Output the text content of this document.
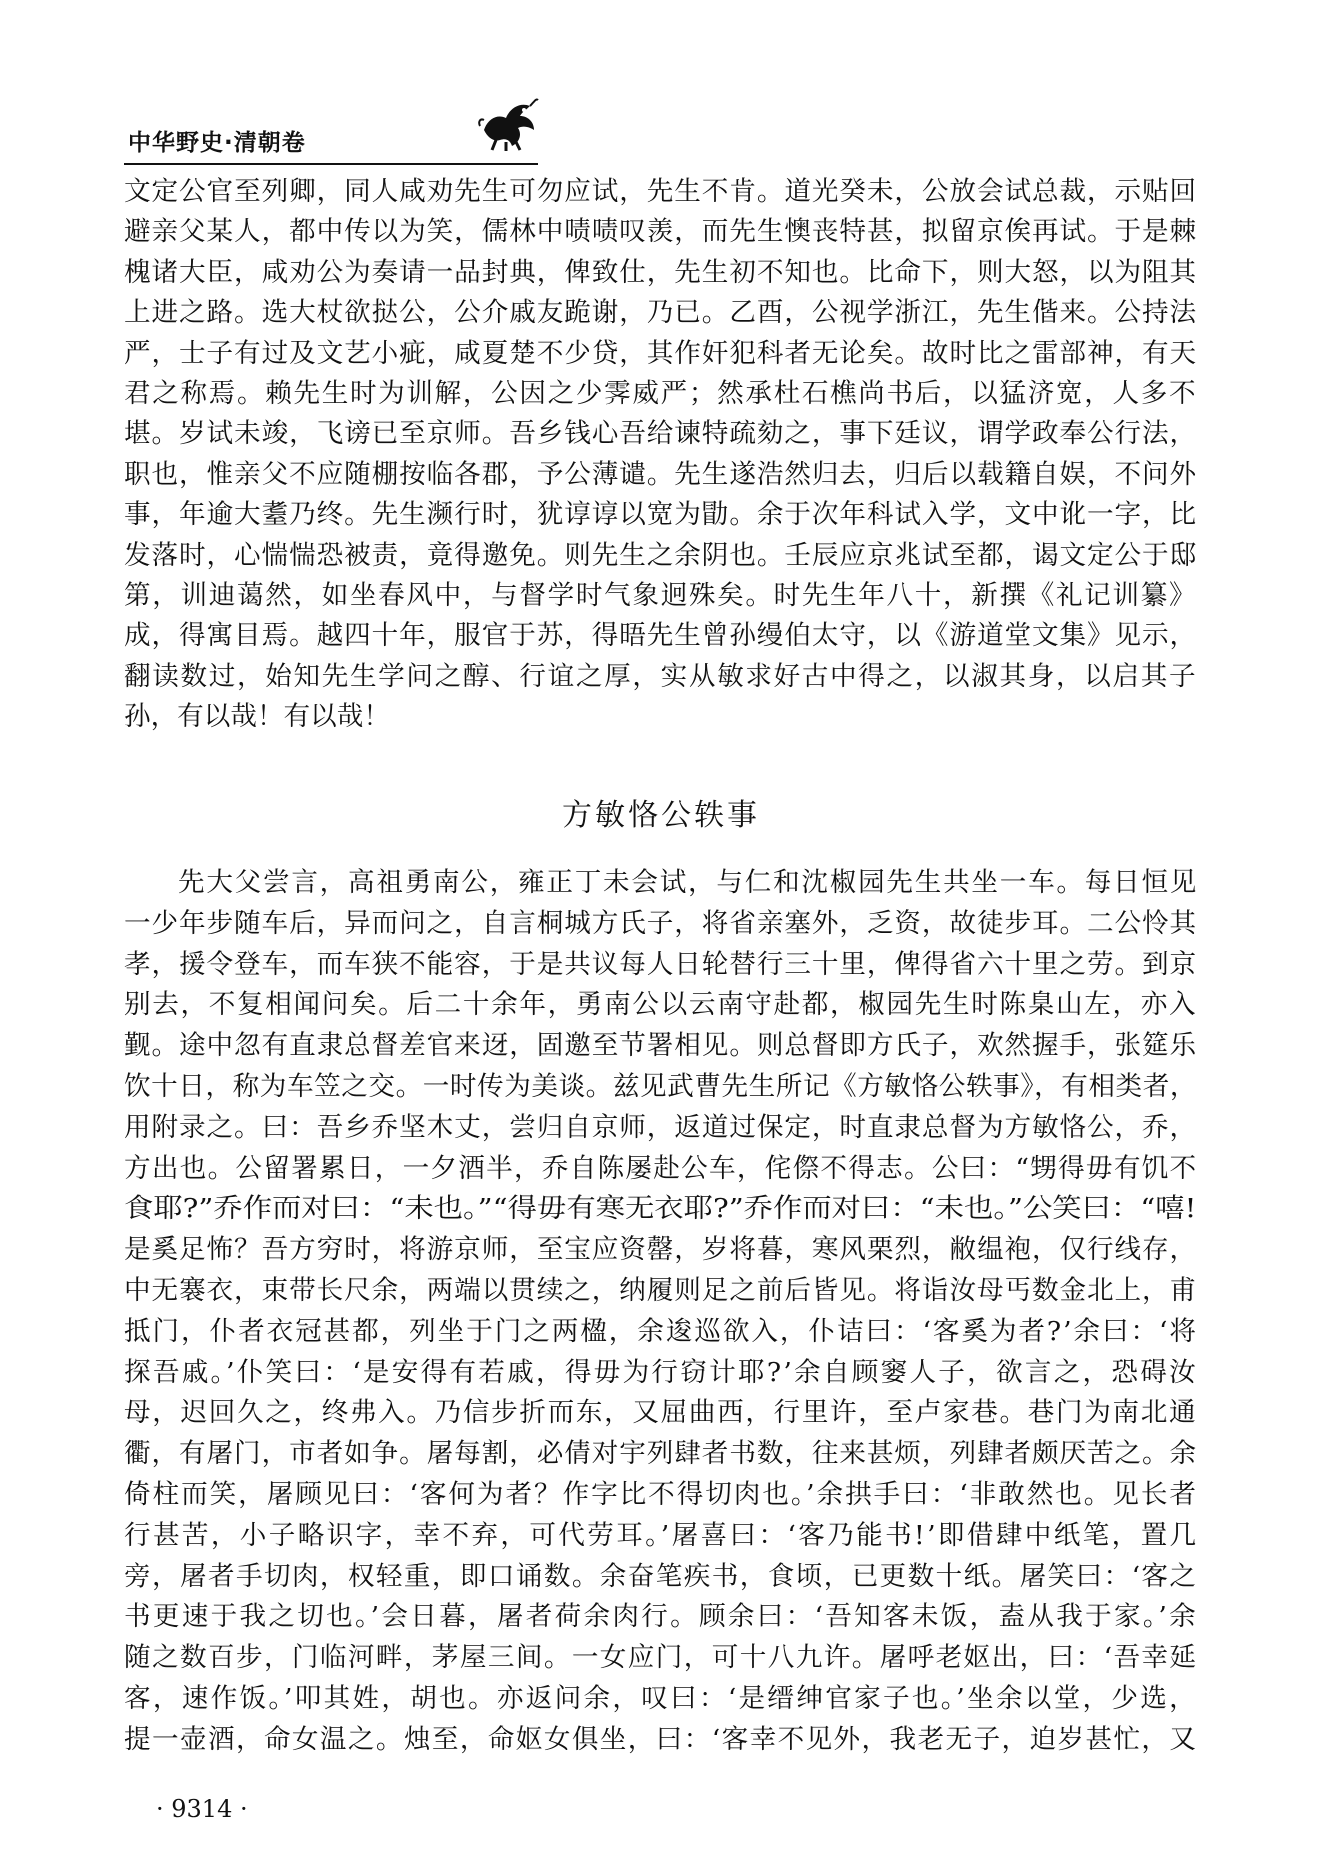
中华野史·清朝卷
文定公官至列卿，同人咸劝先生可勿应试，先生不肯。道光癸未，公放会试总裁，示贴回
避亲父某人，都中传以为笑，儒林中啧啧叹羡，而先生懊丧特甚，拟留京俟再试。于是棘
槐诸大臣，咸劝公为奏请一品封典，俾致仕，先生初不知也。比命下，则大怒，以为阻其
上进之路。选大杖欲挞公，公介戚友跪谢，乃已。乙酉，公视学浙江，先生偕来。公持法
严，士子有过及文艺小疵，咸夏楚不少贷，其作奸犯科者无论矣。故时比之雷部神，有天
君之称焉。赖先生时为训解，公因之少霁威严；然承杜石樵尚书后，以猛济宽，人多不
堪。岁试未竣，飞谤已至京师。吾乡钱心吾给谏特疏劾之，事下廷议，谓学政奉公行法，
职也，惟亲父不应随棚按临各郡，予公薄谴。先生遂浩然归去，归后以载籍自娱，不问外
事，年逾大耋乃终。先生濒行时，犹谆谆以宽为勖。余于次年科试入学，文中讹一字，比
发落时，心惴惴恐被责，竟得邀免。则先生之余阴也。壬辰应京兆试至都，谒文定公于邸
第，训迪蔼然，如坐春风中，与督学时气象迥殊矣。时先生年八十，新撰《礼记训纂》
成，得寓目焉。越四十年，服官于苏，得晤先生曾孙缦伯太守，以《游道堂文集》见示，
翻读数过，始知先生学问之醇、行谊之厚，实从敏求好古中得之，以淑其身，以启其子
孙，有以哉！有以哉！
方敏恪公轶事
先大父尝言，高祖勇南公，雍正丁未会试，与仁和沈椒园先生共坐一车。每日恒见
一少年步随车后，异而问之，自言桐城方氏子，将省亲塞外，乏资，故徒步耳。二公怜其
孝，援令登车，而车狭不能容，于是共议每人日轮替行三十里，俾得省六十里之劳。到京
别去，不复相闻问矣。后二十余年，勇南公以云南守赴都，椒园先生时陈臬山左，亦入
觐。途中忽有直隶总督差官来迓，固邀至节署相见。则总督即方氏子，欢然握手，张筵乐
饮十日，称为车笠之交。一时传为美谈。兹见武曹先生所记《方敏恪公轶事》，有相类者，
用附录之。曰：吾乡乔坚木丈，尝归自京师，返道过保定，时直隶总督为方敏恪公，乔，
方出也。公留署累日，一夕酒半，乔自陈屡赴公车，侘傺不得志。公曰：“甥得毋有饥不
食耶?”乔作而对曰：“未也。”“得毋有寒无衣耶?”乔作而对曰：“未也。”公笑曰：“嘻!
是奚足怖？吾方穷时，将游京师，至宝应资罄，岁将暮，寒风栗烈，敝缊袍，仅行线存，
中无褰衣，束带长尺余，两端以贯续之，纳履则足之前后皆见。将诣汝母丐数金北上，甫
抵门，仆者衣冠甚都，列坐于门之两楹，余逡巡欲入，仆诘曰：‘客奚为者?’余曰：‘将
探吾戚。’仆笑曰：‘是安得有若戚，得毋为行窃计耶?’余自顾窭人子，欲言之，恐碍汝
母，迟回久之，终弗入。乃信步折而东，又屈曲西，行里许，至卢家巷。巷门为南北通
衢，有屠门，市者如争。屠每割，必倩对宇列肆者书数，往来甚烦，列肆者颇厌苦之。余
倚柱而笑，屠顾见曰：‘客何为者？作字比不得切肉也。’余拱手曰：‘非敢然也。见长者
行甚苦，小子略识字，幸不弃，可代劳耳。’屠喜曰：‘客乃能书!’即借肆中纸笔，置几
旁，屠者手切肉，权轻重，即口诵数。余奋笔疾书，食顷，已更数十纸。屠笑曰：‘客之
书更速于我之切也。’会日暮，屠者荷余肉行。顾余曰：‘吾知客未饭，盍从我于家。’余
随之数百步，门临河畔，茅屋三间。一女应门，可十八九许。屠呼老妪出，曰：‘吾幸延
客，速作饭。’叩其姓，胡也。亦返问余，叹曰：‘是缙绅官家子也。’坐余以堂，少选，
提一壶酒，命女温之。烛至，命妪女俱坐，曰：‘客幸不见外，我老无子，迫岁甚忙，又
· 9314 ·
